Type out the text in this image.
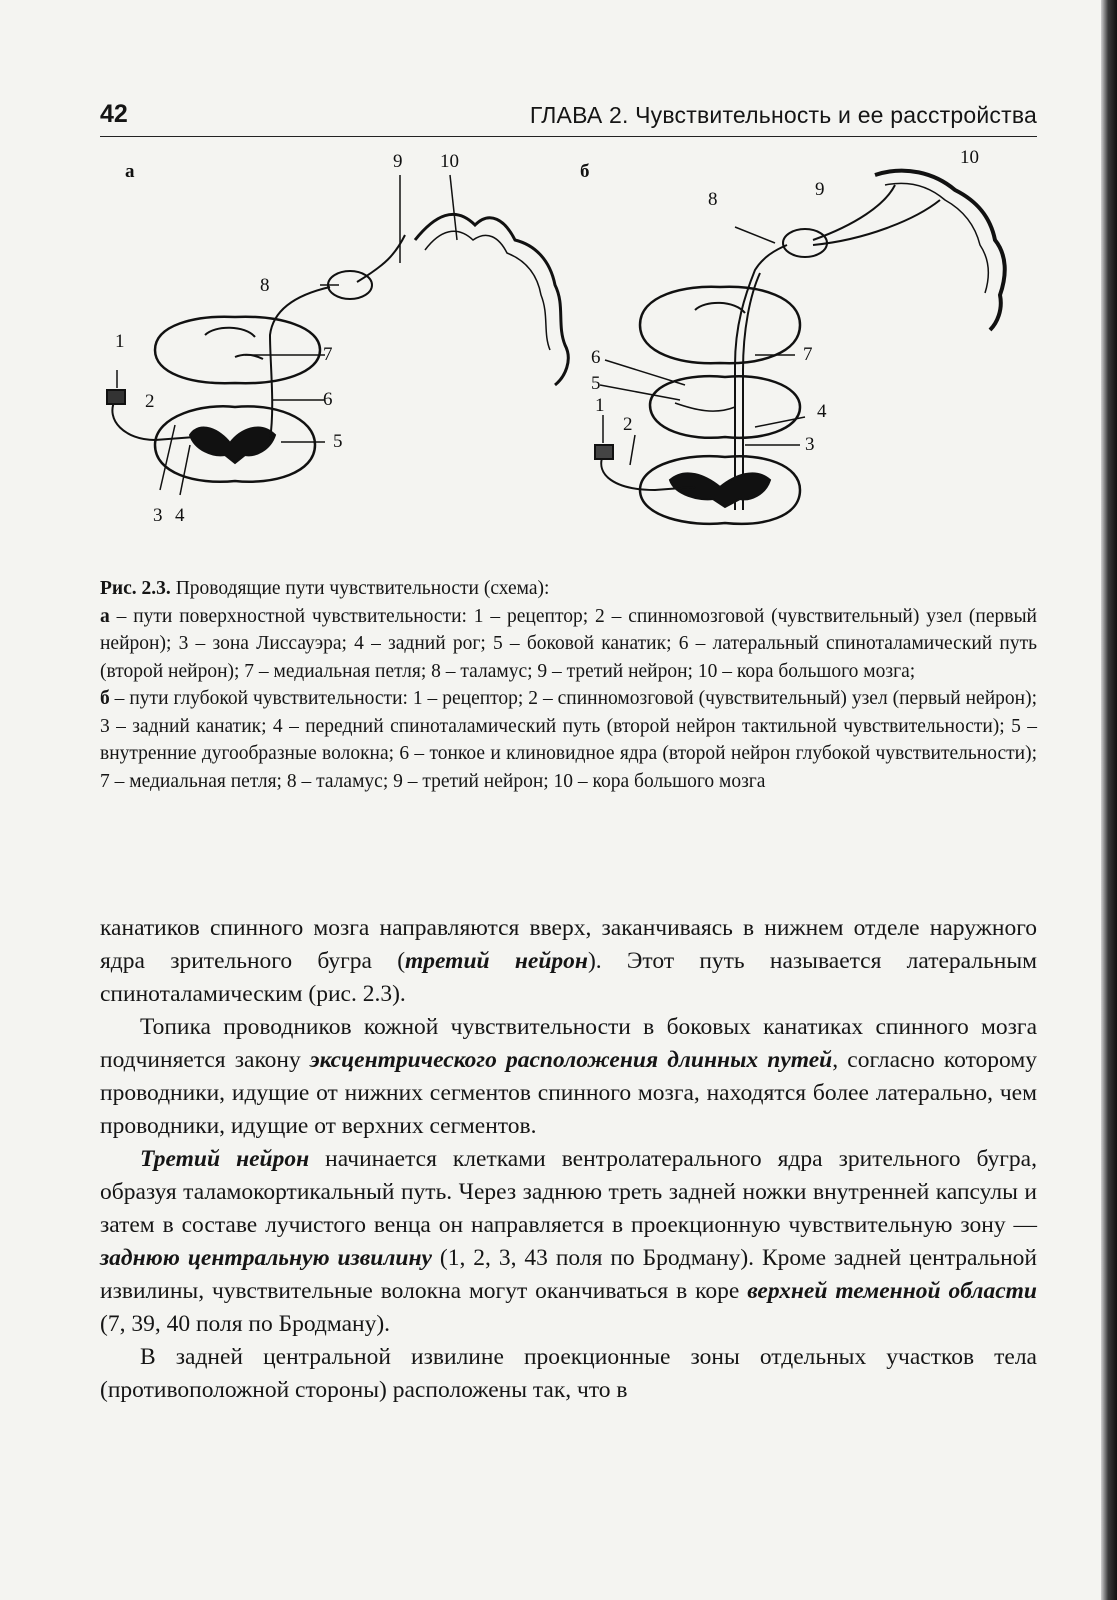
42	ГЛАВА 2. Чувствительность и ее расстройства
а
1
2
3 4
5
6
7
8
9 10	б
1
2
3
4
5
6	7
8	9
10

Рис. 2.3. Проводящие пути чувствительности (схема):

а – пути поверхностной чувствительности: 1 – рецептор; 2 – спинномозговой (чувствительный) узел (первый нейрон); 3 – зона Лиссауэра; 4 – задний рог; 5 – боковой канатик; 6 – латеральный спиноталамический путь (второй нейрон); 7 – медиальная петля; 8 – таламус; 9 – третий нейрон; 10 – кора большого мозга;

б – пути глубокой чувствительности: 1 – рецептор; 2 – спинномозговой (чувствительный) узел (первый нейрон); 3 – задний канатик; 4 – передний спиноталамический путь (второй нейрон тактильной чувствительности); 5 – внутренние дугообразные волокна; 6 – тонкое и клиновидное ядра (второй нейрон глубокой чувствительности); 7 – медиальная петля; 8 – таламус; 9 – третий нейрон; 10 – кора большого мозга

канатиков спинного мозга направляются вверх, заканчиваясь в нижнем отделе наружного ядра зрительного бугра (третий нейрон). Этот путь называется латеральным спиноталамическим (рис. 2.3).

Топика проводников кожной чувствительности в боковых канатиках спинного мозга подчиняется закону эксцентрического расположения длинных путей, согласно которому проводники, идущие от нижних сегментов спинного мозга, находятся более латерально, чем проводники, идущие от верхних сегментов.

Третий нейрон начинается клетками вентролатерального ядра зрительного бугра, образуя таламокортикальный путь. Через заднюю треть задней ножки внутренней капсулы и затем в составе лучистого венца он направляется в проекционную чувствительную зону — заднюю центральную извилину (1, 2, 3, 43 поля по Бродману). Кроме задней центральной извилины, чувствительные волокна могут оканчиваться в коре верхней теменной области (7, 39, 40 поля по Бродману).

В задней центральной извилине проекционные зоны отдельных участков тела (противоположной стороны) расположены так, что в
